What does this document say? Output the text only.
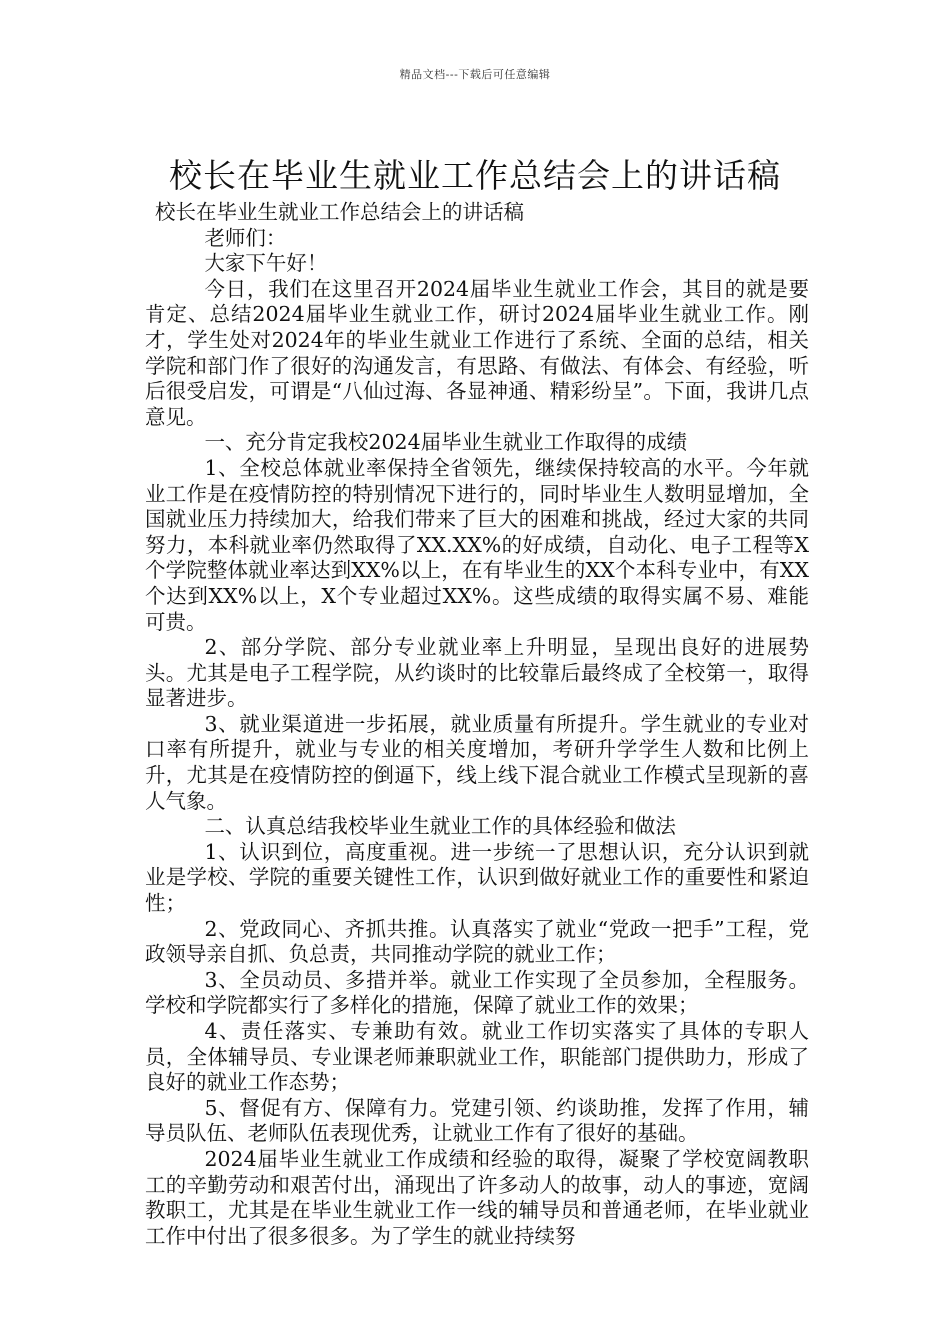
精品文档---下载后可任意编辑
校长在毕业生就业工作总结会上的讲话稿

校长在毕业生就业工作总结会上的讲话稿

老师们：

大家下午好！

今日，我们在这里召开2024届毕业生就业工作会，其目的就是要肯定、总结2024届毕业生就业工作，研讨2024届毕业生就业工作。刚才，学生处对2024年的毕业生就业工作进行了系统、全面的总结，相关学院和部门作了很好的沟通发言，有思路、有做法、有体会、有经验，听后很受启发，可谓是“八仙过海、各显神通、精彩纷呈”。下面，我讲几点意见。

一、充分肯定我校2024届毕业生就业工作取得的成绩

1、全校总体就业率保持全省领先，继续保持较高的水平。今年就业工作是在疫情防控的特别情况下进行的，同时毕业生人数明显增加，全国就业压力持续加大，给我们带来了巨大的困难和挑战，经过大家的共同努力，本科就业率仍然取得了XX.XX%的好成绩，自动化、电子工程等X个学院整体就业率达到XX%以上，在有毕业生的XX个本科专业中，有XX个达到XX%以上，X个专业超过XX%。这些成绩的取得实属不易、难能可贵。

2、部分学院、部分专业就业率上升明显，呈现出良好的进展势头。尤其是电子工程学院，从约谈时的比较靠后最终成了全校第一，取得显著进步。

3、就业渠道进一步拓展，就业质量有所提升。学生就业的专业对口率有所提升，就业与专业的相关度增加，考研升学学生人数和比例上升，尤其是在疫情防控的倒逼下，线上线下混合就业工作模式呈现新的喜人气象。

二、认真总结我校毕业生就业工作的具体经验和做法

1、认识到位，高度重视。进一步统一了思想认识，充分认识到就业是学校、学院的重要关键性工作，认识到做好就业工作的重要性和紧迫性；

2、党政同心、齐抓共推。认真落实了就业“党政一把手”工程，党政领导亲自抓、负总责，共同推动学院的就业工作；

3、全员动员、多措并举。就业工作实现了全员参加，全程服务。学校和学院都实行了多样化的措施，保障了就业工作的效果；

4、责任落实、专兼助有效。就业工作切实落实了具体的专职人员，全体辅导员、专业课老师兼职就业工作，职能部门提供助力，形成了良好的就业工作态势；

5、督促有方、保障有力。党建引领、约谈助推，发挥了作用，辅导员队伍、老师队伍表现优秀，让就业工作有了很好的基础。

2024届毕业生就业工作成绩和经验的取得，凝聚了学校宽阔教职工的辛勤劳动和艰苦付出，涌现出了许多动人的故事，动人的事迹，宽阔教职工，尤其是在毕业生就业工作一线的辅导员和普通老师，在毕业就业工作中付出了很多很多。为了学生的就业持续努
